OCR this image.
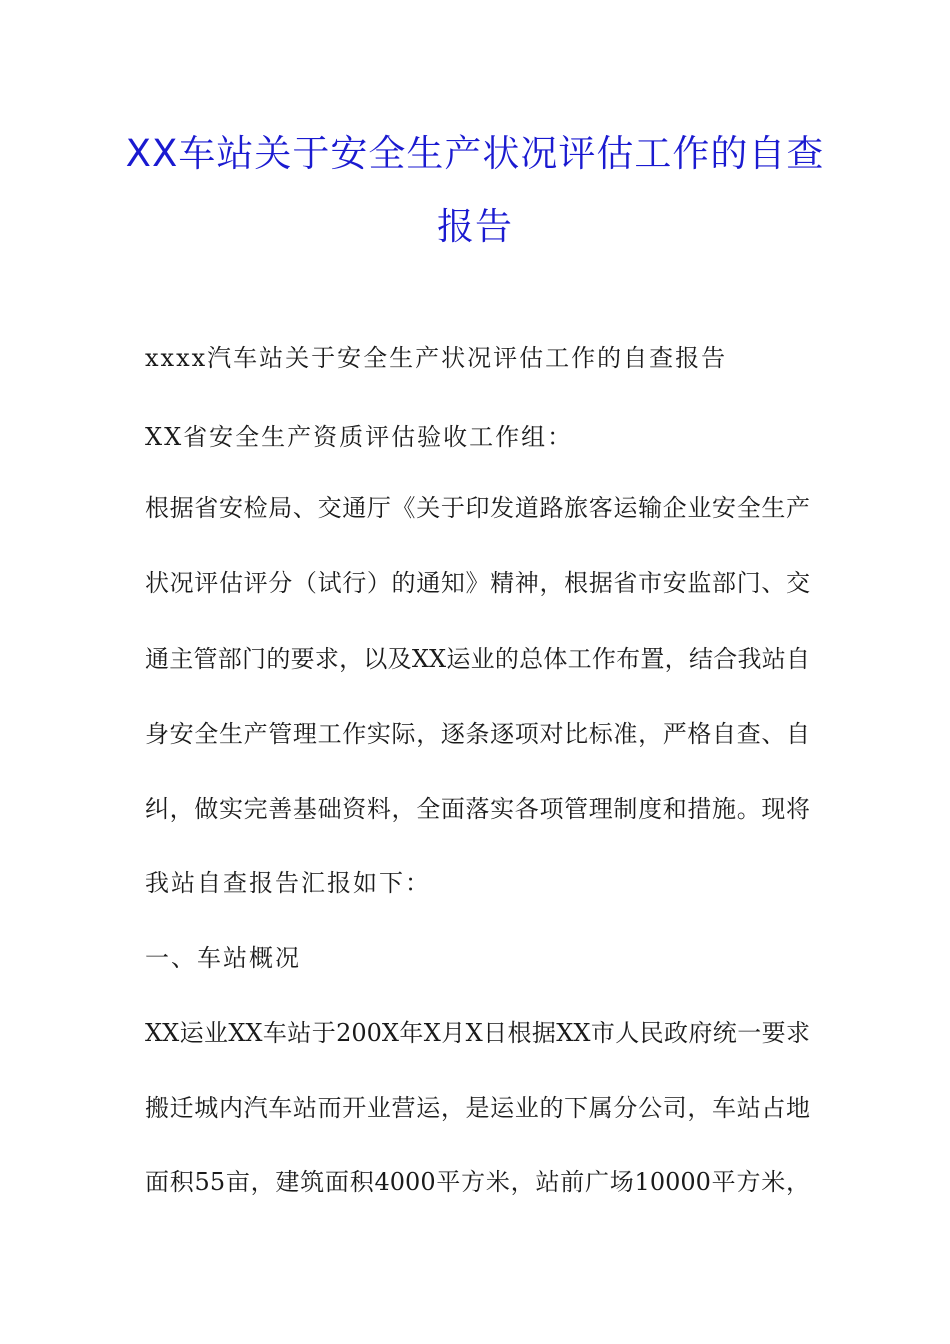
XX车站关于安全生产状况评估工作的自查
报告
xxxx汽车站关于安全生产状况评估工作的自查报告
XX省安全生产资质评估验收工作组：
根据省安检局、交通厅《关于印发道路旅客运输企业安全生产
状况评估评分（试行）的通知》精神，根据省市安监部门、交
通主管部门的要求，以及XX运业的总体工作布置，结合我站自
身安全生产管理工作实际，逐条逐项对比标准，严格自查、自
纠，做实完善基础资料，全面落实各项管理制度和措施。现将
我站自查报告汇报如下：
一、车站概况
XX运业XX车站于200X年X月X日根据XX市人民政府统一要求
搬迁城内汽车站而开业营运，是运业的下属分公司，车站占地
面积55亩，建筑面积4000平方米，站前广场10000平方米，
